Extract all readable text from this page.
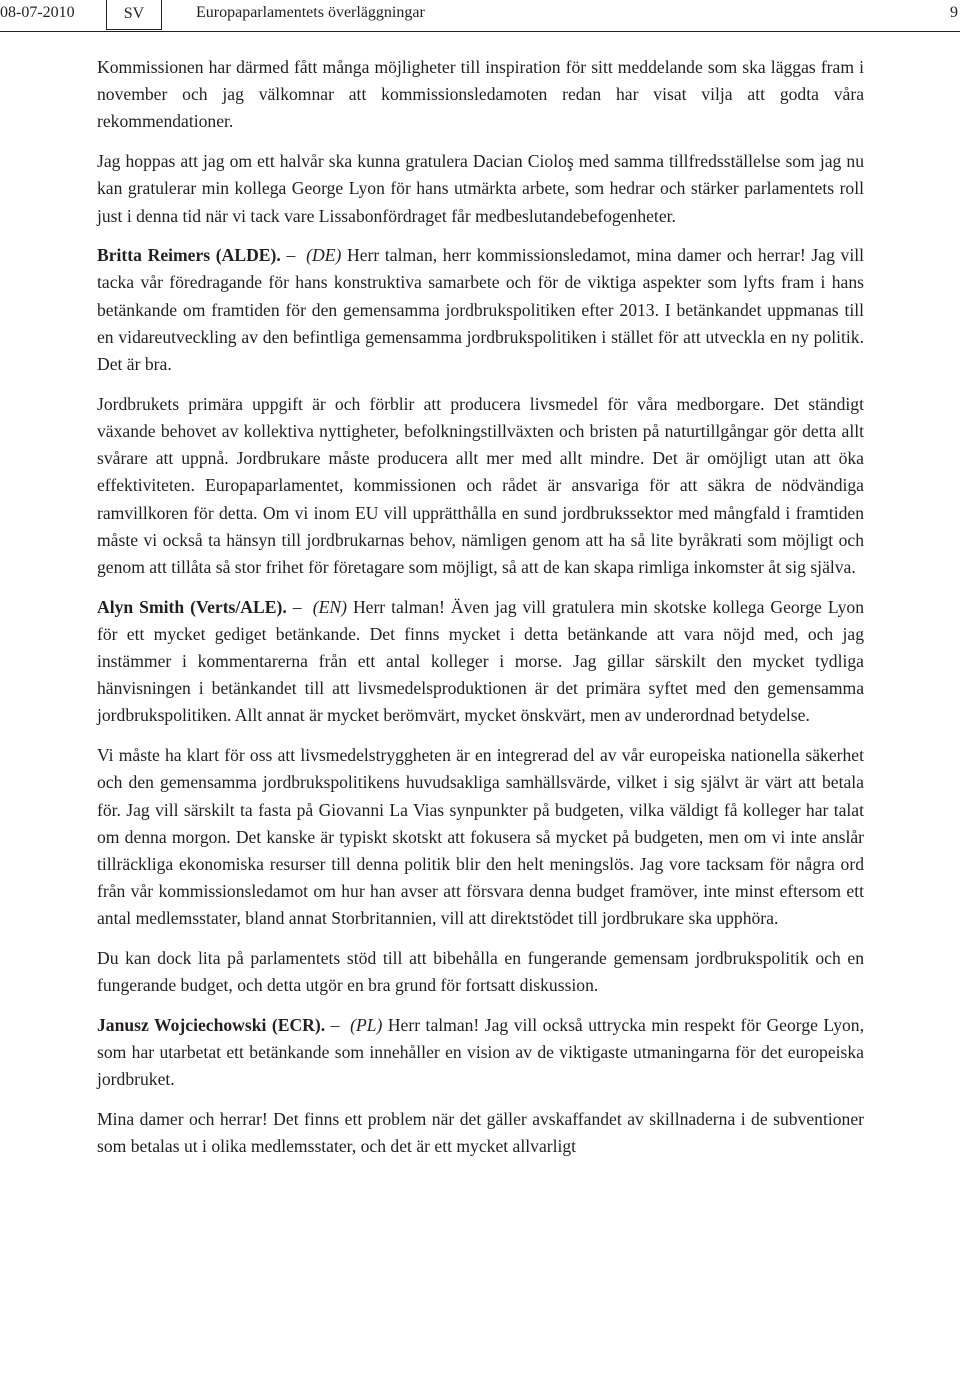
08-07-2010	SV	Europaparlamentets överläggningar	9

Kommissionen har därmed fått många möjligheter till inspiration för sitt meddelande som ska läggas fram i november och jag välkomnar att kommissionsledamoten redan har visat vilja att godta våra rekommendationer.

Jag hoppas att jag om ett halvår ska kunna gratulera Dacian Cioloş med samma tillfredsställelse som jag nu kan gratulerar min kollega George Lyon för hans utmärkta arbete, som hedrar och stärker parlamentets roll just i denna tid när vi tack vare Lissabonfördraget får medbeslutandebefogenheter.

Britta Reimers (ALDE). – (DE) Herr talman, herr kommissionsledamot, mina damer och herrar! Jag vill tacka vår föredragande för hans konstruktiva samarbete och för de viktiga aspekter som lyfts fram i hans betänkande om framtiden för den gemensamma jordbrukspolitiken efter 2013. I betänkandet uppmanas till en vidareutveckling av den befintliga gemensamma jordbrukspolitiken i stället för att utveckla en ny politik. Det är bra.

Jordbrukets primära uppgift är och förblir att producera livsmedel för våra medborgare. Det ständigt växande behovet av kollektiva nyttigheter, befolkningstillväxten och bristen på naturtillgångar gör detta allt svårare att uppnå. Jordbrukare måste producera allt mer med allt mindre. Det är omöjligt utan att öka effektiviteten. Europaparlamentet, kommissionen och rådet är ansvariga för att säkra de nödvändiga ramvillkoren för detta. Om vi inom EU vill upprätthålla en sund jordbrukssektor med mångfald i framtiden måste vi också ta hänsyn till jordbrukarnas behov, nämligen genom att ha så lite byråkrati som möjligt och genom att tillåta så stor frihet för företagare som möjligt, så att de kan skapa rimliga inkomster åt sig själva.

Alyn Smith (Verts/ALE). – (EN) Herr talman! Även jag vill gratulera min skotske kollega George Lyon för ett mycket gediget betänkande. Det finns mycket i detta betänkande att vara nöjd med, och jag instämmer i kommentarerna från ett antal kolleger i morse. Jag gillar särskilt den mycket tydliga hänvisningen i betänkandet till att livsmedelsproduktionen är det primära syftet med den gemensamma jordbrukspolitiken. Allt annat är mycket berömvärt, mycket önskvärt, men av underordnad betydelse.

Vi måste ha klart för oss att livsmedelstryggheten är en integrerad del av vår europeiska nationella säkerhet och den gemensamma jordbrukspolitikens huvudsakliga samhällsvärde, vilket i sig självt är värt att betala för. Jag vill särskilt ta fasta på Giovanni La Vias synpunkter på budgeten, vilka väldigt få kolleger har talat om denna morgon. Det kanske är typiskt skotskt att fokusera så mycket på budgeten, men om vi inte anslår tillräckliga ekonomiska resurser till denna politik blir den helt meningslös. Jag vore tacksam för några ord från vår kommissionsledamot om hur han avser att försvara denna budget framöver, inte minst eftersom ett antal medlemsstater, bland annat Storbritannien, vill att direktstödet till jordbrukare ska upphöra.

Du kan dock lita på parlamentets stöd till att bibehålla en fungerande gemensam jordbrukspolitik och en fungerande budget, och detta utgör en bra grund för fortsatt diskussion.

Janusz Wojciechowski (ECR). – (PL) Herr talman! Jag vill också uttrycka min respekt för George Lyon, som har utarbetat ett betänkande som innehåller en vision av de viktigaste utmaningarna för det europeiska jordbruket.

Mina damer och herrar! Det finns ett problem när det gäller avskaffandet av skillnaderna i de subventioner som betalas ut i olika medlemsstater, och det är ett mycket allvarligt
